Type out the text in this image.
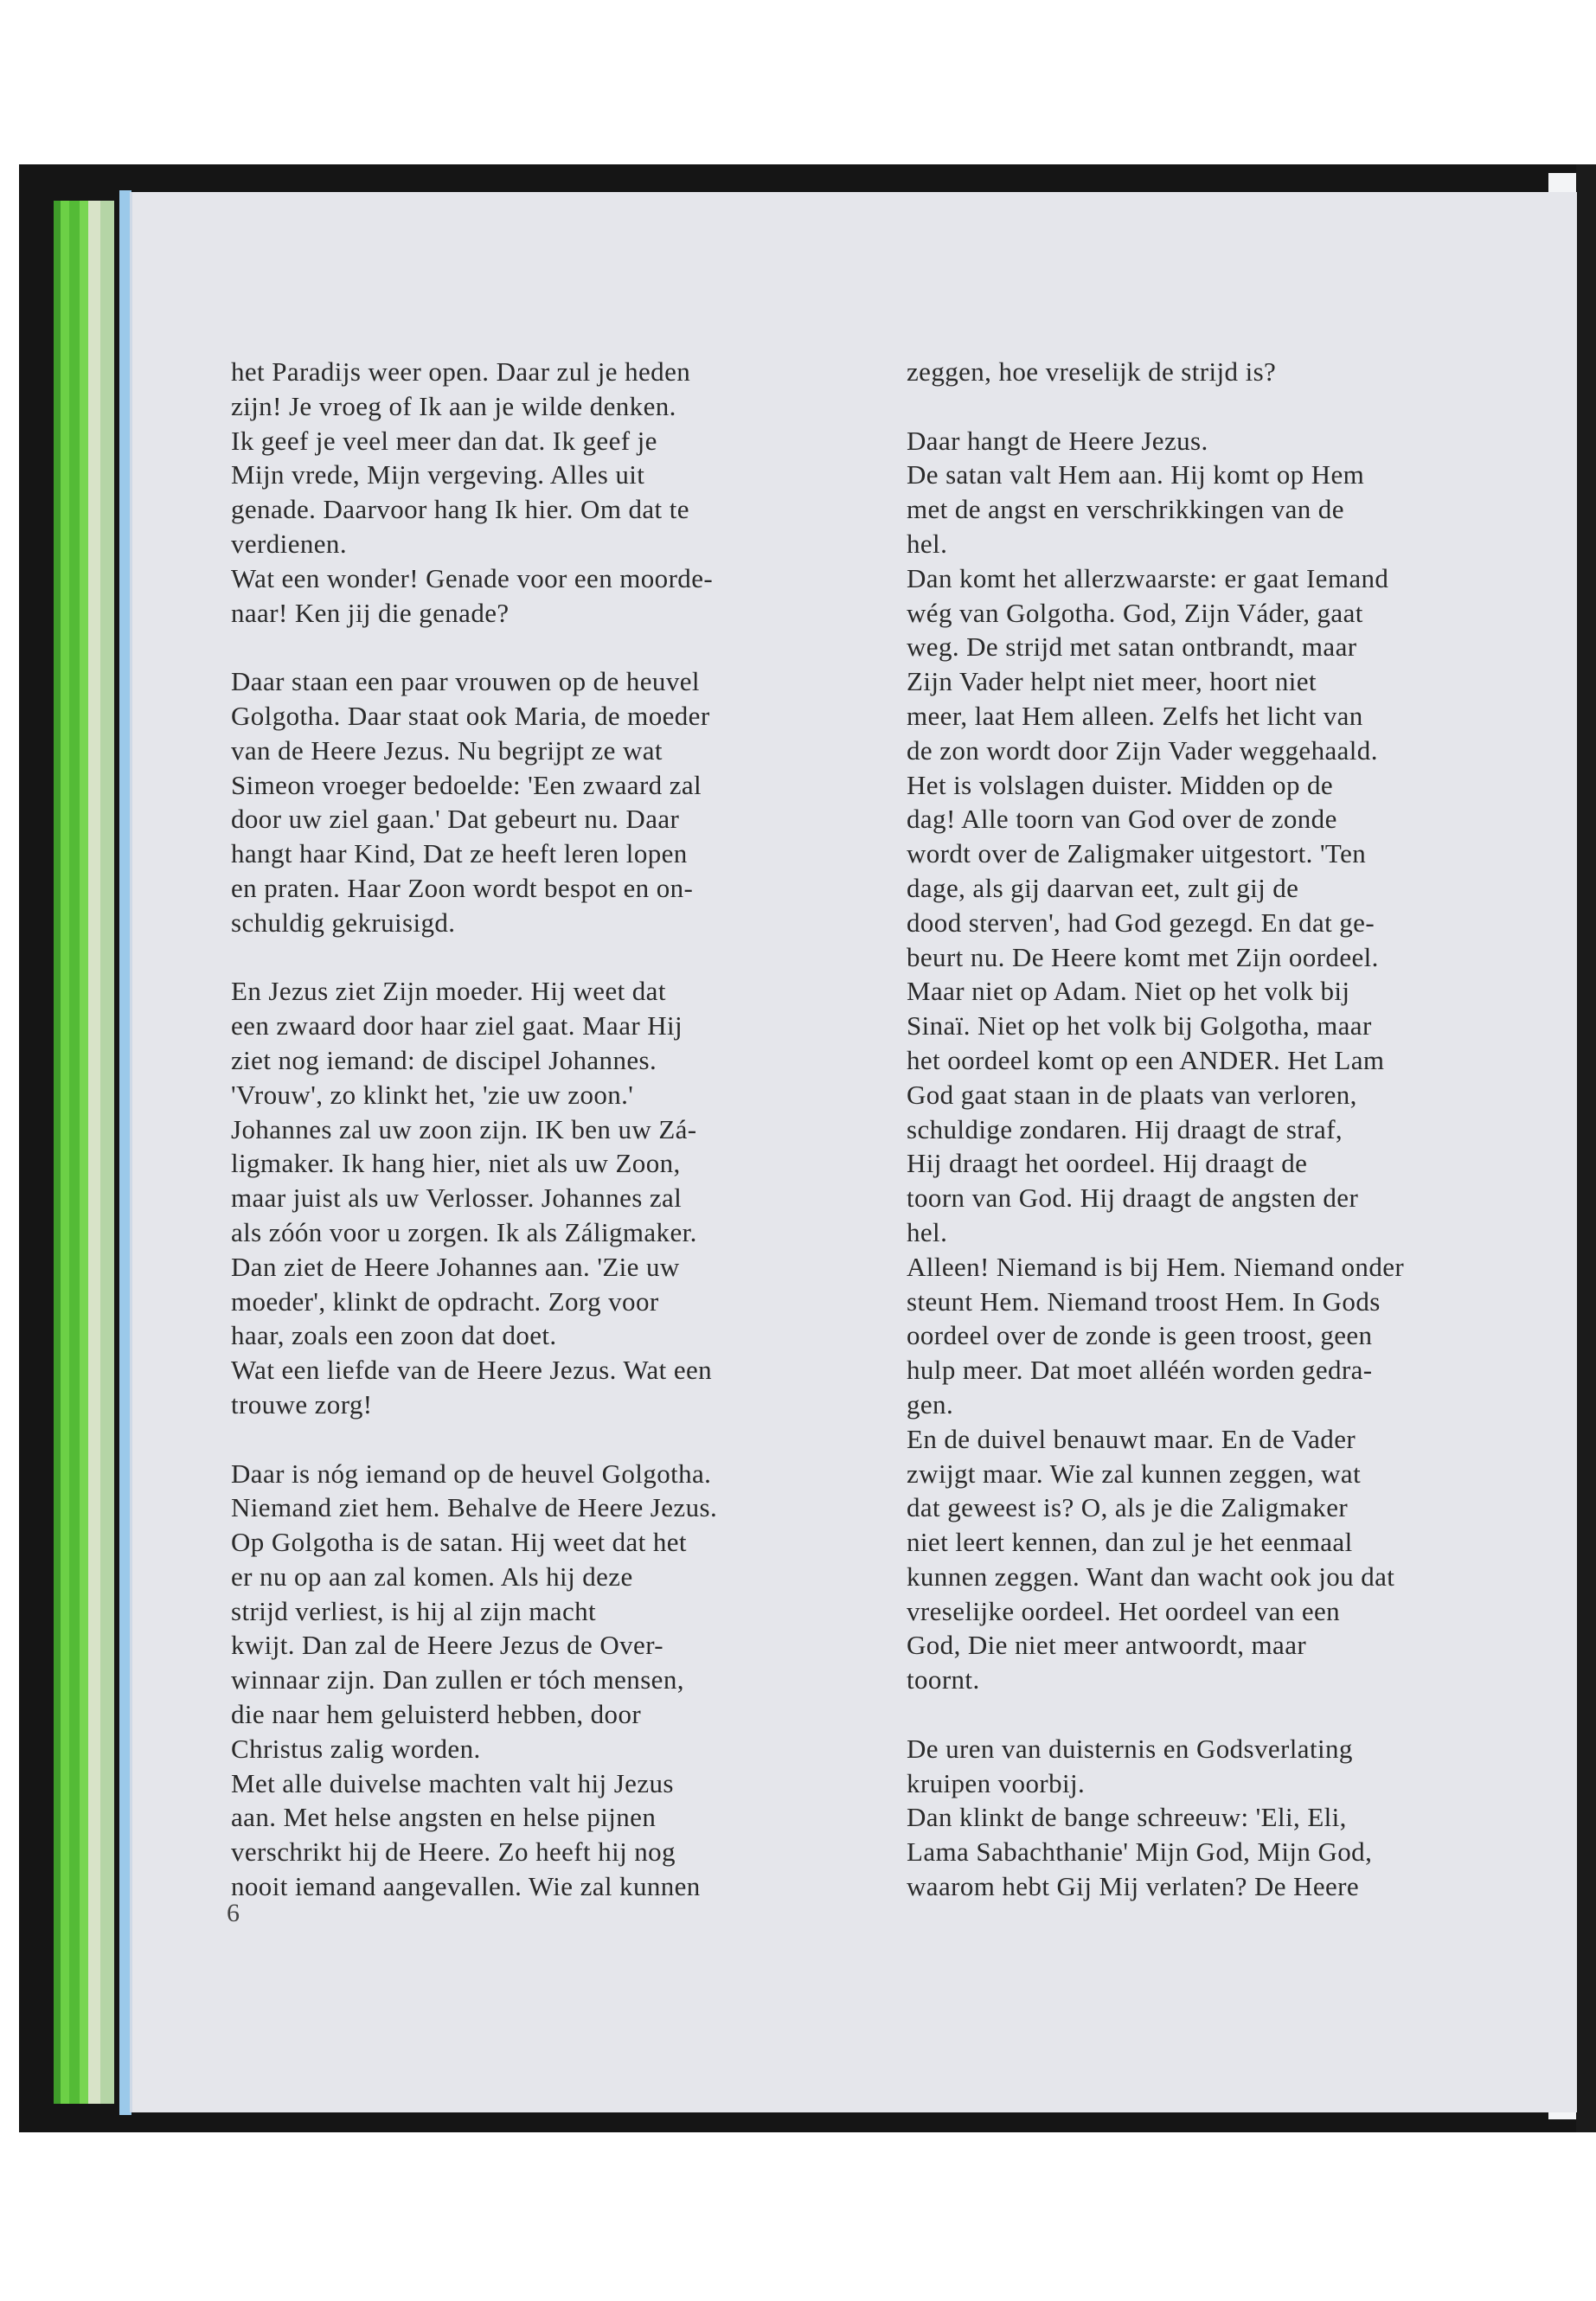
het Paradijs weer open. Daar zul je heden
zijn! Je vroeg of Ik aan je wilde denken.
Ik geef je veel meer dan dat. Ik geef je
Mijn vrede, Mijn vergeving. Alles uit
genade. Daarvoor hang Ik hier. Om dat te
verdienen.
Wat een wonder! Genade voor een moorde-
naar! Ken jij die genade?
Daar staan een paar vrouwen op de heuvel
Golgotha. Daar staat ook Maria, de moeder
van de Heere Jezus. Nu begrijpt ze wat
Simeon vroeger bedoelde: 'Een zwaard zal
door uw ziel gaan.' Dat gebeurt nu. Daar
hangt haar Kind, Dat ze heeft leren lopen
en praten. Haar Zoon wordt bespot en on-
schuldig gekruisigd.
En Jezus ziet Zijn moeder. Hij weet dat
een zwaard door haar ziel gaat. Maar Hij
ziet nog iemand: de discipel Johannes.
'Vrouw', zo klinkt het, 'zie uw zoon.'
Johannes zal uw zoon zijn. IK ben uw Zá-
ligmaker. Ik hang hier, niet als uw Zoon,
maar juist als uw Verlosser. Johannes zal
als zóón voor u zorgen. Ik als Záligmaker.
Dan ziet de Heere Johannes aan. 'Zie uw
moeder', klinkt de opdracht. Zorg voor
haar, zoals een zoon dat doet.
Wat een liefde van de Heere Jezus. Wat een
trouwe zorg!
Daar is nóg iemand op de heuvel Golgotha.
Niemand ziet hem. Behalve de Heere Jezus.
Op Golgotha is de satan. Hij weet dat het
er nu op aan zal komen. Als hij deze
strijd verliest, is hij al zijn macht
kwijt. Dan zal de Heere Jezus de Over-
winnaar zijn. Dan zullen er tóch mensen,
die naar hem geluisterd hebben, door
Christus zalig worden.
Met alle duivelse machten valt hij Jezus
aan. Met helse angsten en helse pijnen
verschrikt hij de Heere. Zo heeft hij nog
nooit iemand aangevallen. Wie zal kunnen
zeggen, hoe vreselijk de strijd is?
Daar hangt de Heere Jezus.
De satan valt Hem aan. Hij komt op Hem
met de angst en verschrikkingen van de
hel.
Dan komt het allerzwaarste: er gaat Iemand
wég van Golgotha. God, Zijn Váder, gaat
weg. De strijd met satan ontbrandt, maar
Zijn Vader helpt niet meer, hoort niet
meer, laat Hem alleen. Zelfs het licht van
de zon wordt door Zijn Vader weggehaald.
Het is volslagen duister. Midden op de
dag! Alle toorn van God over de zonde
wordt over de Zaligmaker uitgestort. 'Ten
dage, als gij daarvan eet, zult gij de
dood sterven', had God gezegd. En dat ge-
beurt nu. De Heere komt met Zijn oordeel.
Maar niet op Adam. Niet op het volk bij
Sinaï. Niet op het volk bij Golgotha, maar
het oordeel komt op een ANDER. Het Lam
God gaat staan in de plaats van verloren,
schuldige zondaren. Hij draagt de straf,
Hij draagt het oordeel. Hij draagt de
toorn van God. Hij draagt de angsten der
hel.
Alleen! Niemand is bij Hem. Niemand onder
steunt Hem. Niemand troost Hem. In Gods
oordeel over de zonde is geen troost, geen
hulp meer. Dat moet alléén worden gedra-
gen.
En de duivel benauwt maar. En de Vader
zwijgt maar. Wie zal kunnen zeggen, wat
dat geweest is? O, als je die Zaligmaker
niet leert kennen, dan zul je het eenmaal
kunnen zeggen. Want dan wacht ook jou dat
vreselijke oordeel. Het oordeel van een
God, Die niet meer antwoordt, maar
toornt.
De uren van duisternis en Godsverlating
kruipen voorbij.
Dan klinkt de bange schreeuw: 'Eli, Eli,
Lama Sabachthanie' Mijn God, Mijn God,
waarom hebt Gij Mij verlaten? De Heere
6
